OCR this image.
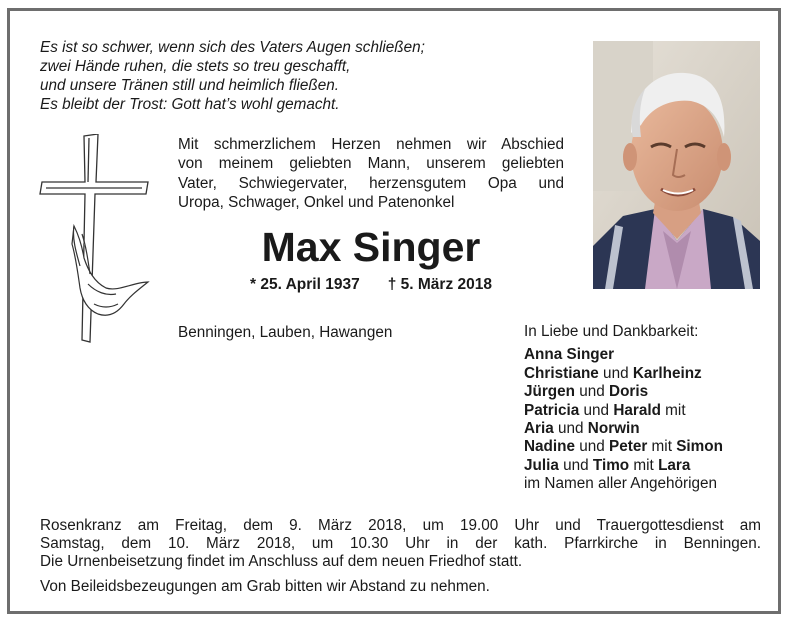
Es ist so schwer, wenn sich des Vaters Augen schließen;
zwei Hände ruhen, die stets so treu geschafft,
und unsere Tränen still und heimlich fließen.
Es bleibt der Trost: Gott hat’s wohl gemacht.
Mit schmerzlichem Herzen nehmen wir Abschied
von meinem geliebten Mann, unserem geliebten
Vater, Schwiegervater, herzensgutem Opa und
Uropa, Schwager, Onkel und Patenonkel
Max Singer
* 25. April 1937 † 5. März 2018
Benningen, Lauben, Hawangen	In Liebe und Dankbarkeit:
Anna Singer
Christiane und Karlheinz
Jürgen und Doris
Patricia und Harald mit
Aria und Norwin
Nadine und Peter mit Simon
Julia und Timo mit Lara
im Namen aller Angehörigen
Rosenkranz am Freitag, dem 9. März 2018, um 19.00 Uhr und Trauergottesdienst am
Samstag, dem 10. März 2018, um 10.30 Uhr in der kath. Pfarrkirche in Benningen.
Die Urnenbeisetzung findet im Anschluss auf dem neuen Friedhof statt.
Von Beileidsbezeugungen am Grab bitten wir Abstand zu nehmen.
